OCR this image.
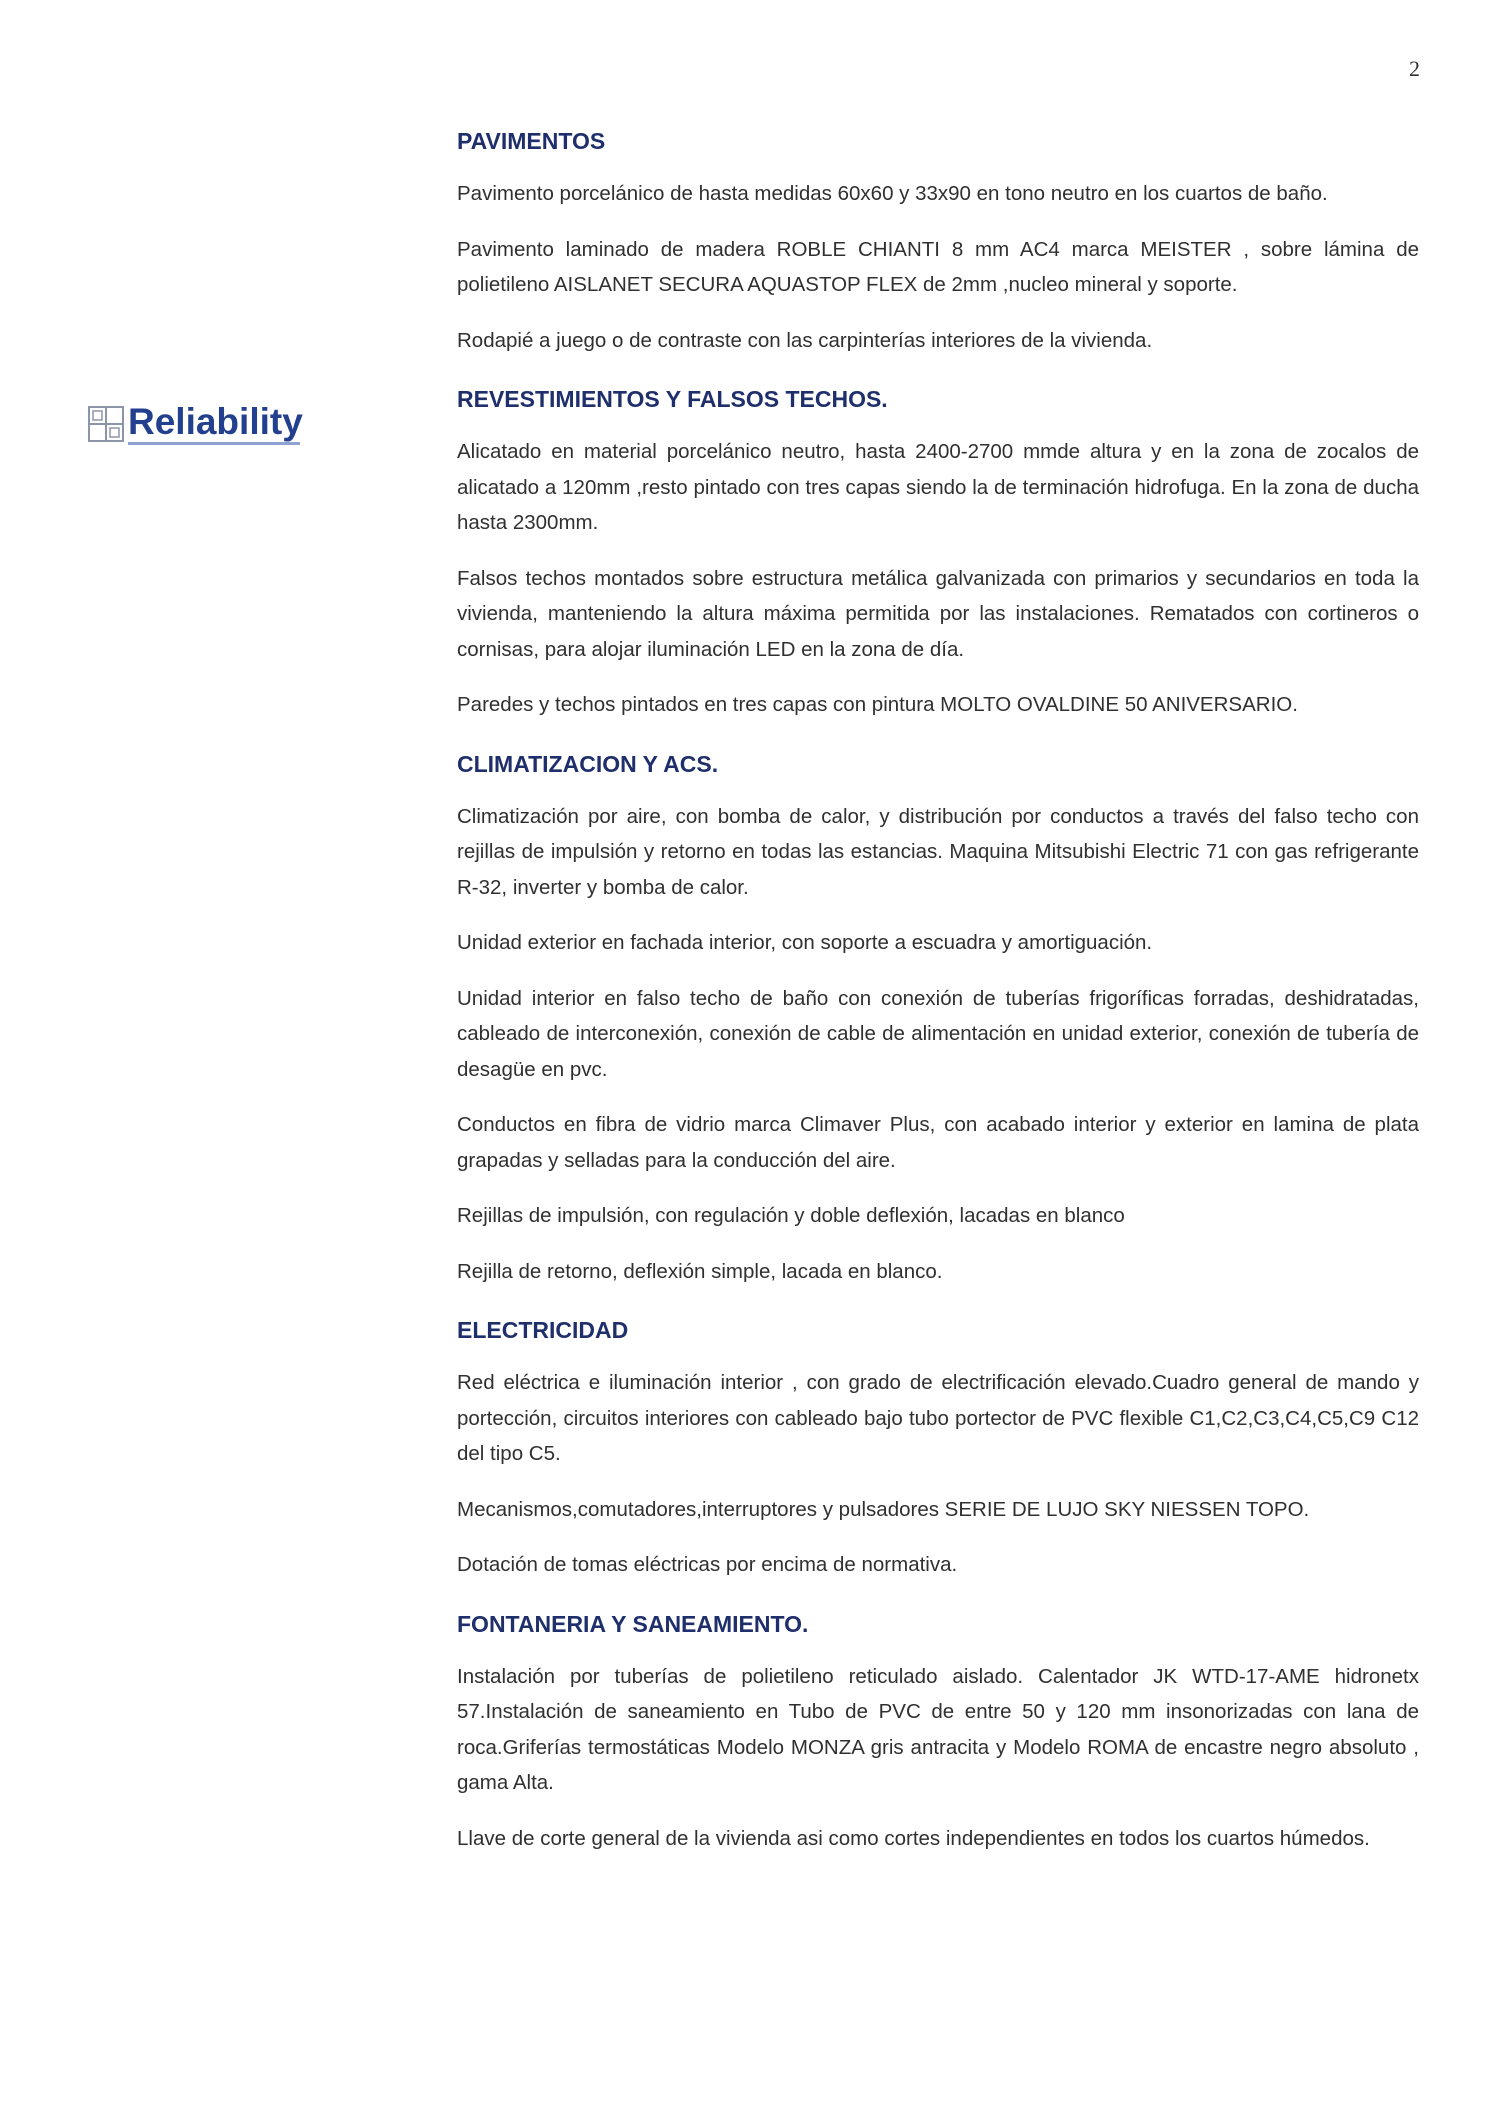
2
Reliability
PAVIMENTOS

Pavimento porcelánico de hasta medidas 60x60 y 33x90 en tono neutro en los cuartos de baño.

Pavimento laminado de madera ROBLE CHIANTI 8 mm AC4 marca MEISTER , sobre lámina de polietileno AISLANET SECURA AQUASTOP FLEX de 2mm ,nucleo mineral y soporte.

Rodapié a juego o de contraste con las carpinterías interiores de la vivienda.

REVESTIMIENTOS Y FALSOS TECHOS.

Alicatado en material porcelánico neutro, hasta 2400-2700 mmde altura y en la zona de zocalos de alicatado a 120mm ,resto pintado con tres capas siendo la de terminación hidrofuga. En la zona de ducha hasta 2300mm.

Falsos techos montados sobre estructura metálica galvanizada con primarios y secundarios en toda la vivienda, manteniendo la altura máxima permitida por las instalaciones. Rematados con cortineros o cornisas, para alojar iluminación LED en la zona de día.

Paredes y techos pintados en tres capas con pintura MOLTO OVALDINE 50 ANIVERSARIO.

CLIMATIZACION Y ACS.

Climatización por aire, con bomba de calor, y distribución por conductos a través del falso techo con rejillas de impulsión y retorno en todas las estancias. Maquina Mitsubishi Electric 71 con gas refrigerante R-32, inverter y bomba de calor.

Unidad exterior en fachada interior, con soporte a escuadra y amortiguación.

Unidad interior en falso techo de baño con conexión de tuberías frigoríficas forradas, deshidratadas, cableado de interconexión, conexión de cable de alimentación en unidad exterior, conexión de tubería de desagüe en pvc.

Conductos en fibra de vidrio marca Climaver Plus, con acabado interior y exterior en lamina de plata grapadas y selladas para la conducción del aire.

Rejillas de impulsión, con regulación y doble deflexión, lacadas en blanco

Rejilla de retorno, deflexión simple, lacada en blanco.

ELECTRICIDAD

Red eléctrica e iluminación interior , con grado de electrificación elevado.Cuadro general de mando y portección, circuitos interiores con cableado bajo tubo portector de PVC flexible C1,C2,C3,C4,C5,C9 C12 del tipo C5.

Mecanismos,comutadores,interruptores y pulsadores SERIE DE LUJO SKY NIESSEN TOPO.

Dotación de tomas eléctricas por encima de normativa.

FONTANERIA Y SANEAMIENTO.

Instalación por tuberías de polietileno reticulado aislado. Calentador JK WTD-17-AME hidronetx 57.Instalación de saneamiento en Tubo de PVC de entre 50 y 120 mm insonorizadas con lana de roca.Griferías termostáticas Modelo MONZA gris antracita y Modelo ROMA de encastre negro absoluto , gama Alta.

Llave de corte general de la vivienda asi como cortes independientes en todos los cuartos húmedos.
